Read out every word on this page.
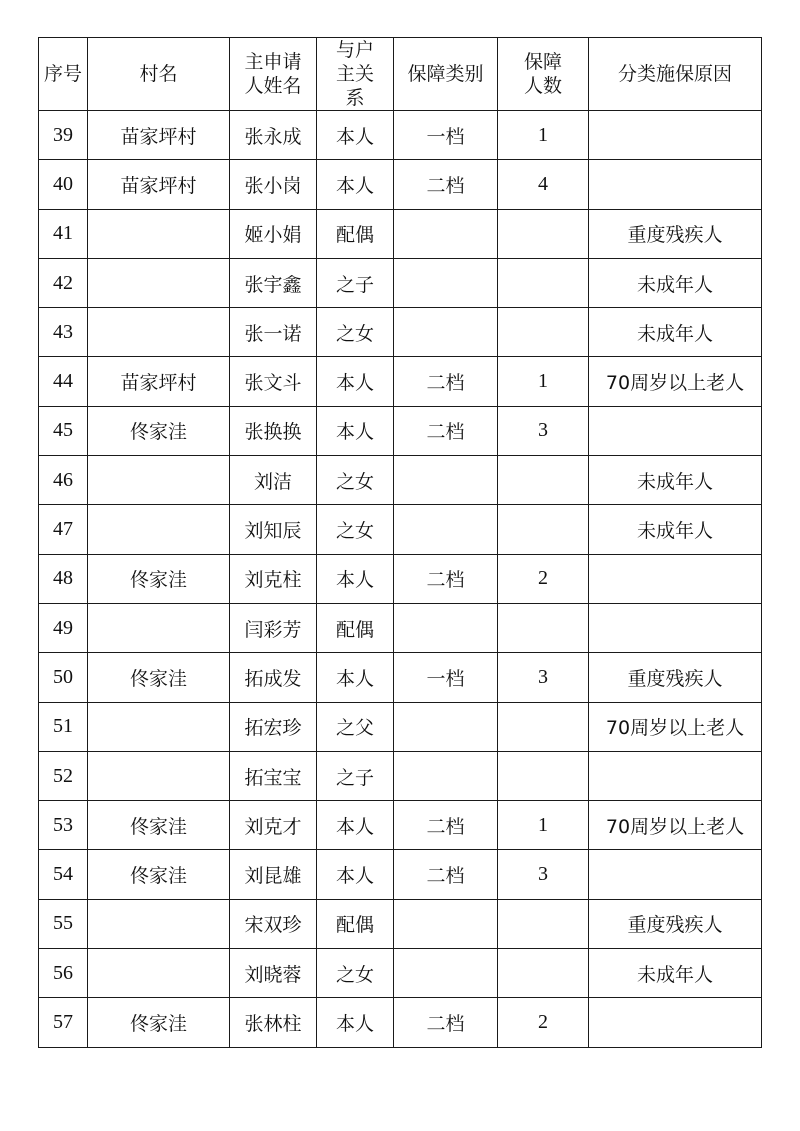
序号	村名	主申请人姓名	与户主关系	保障类别	保障人数	分类施保原因
39	苗家坪村	张永成	本人	一档	1	
40	苗家坪村	张小岗	本人	二档	4	
41		姬小娟	配偶			重度残疾人
42		张宇鑫	之子			未成年人
43		张一诺	之女			未成年人
44	苗家坪村	张文斗	本人	二档	1	70周岁以上老人
45	佟家洼	张换换	本人	二档	3	
46		刘洁	之女			未成年人
47		刘知辰	之女			未成年人
48	佟家洼	刘克柱	本人	二档	2	
49		闫彩芳	配偶			
50	佟家洼	拓成发	本人	一档	3	重度残疾人
51		拓宏珍	之父			70周岁以上老人
52		拓宝宝	之子			
53	佟家洼	刘克才	本人	二档	1	70周岁以上老人
54	佟家洼	刘昆雄	本人	二档	3	
55		宋双珍	配偶			重度残疾人
56		刘晓蓉	之女			未成年人
57	佟家洼	张林柱	本人	二档	2	
